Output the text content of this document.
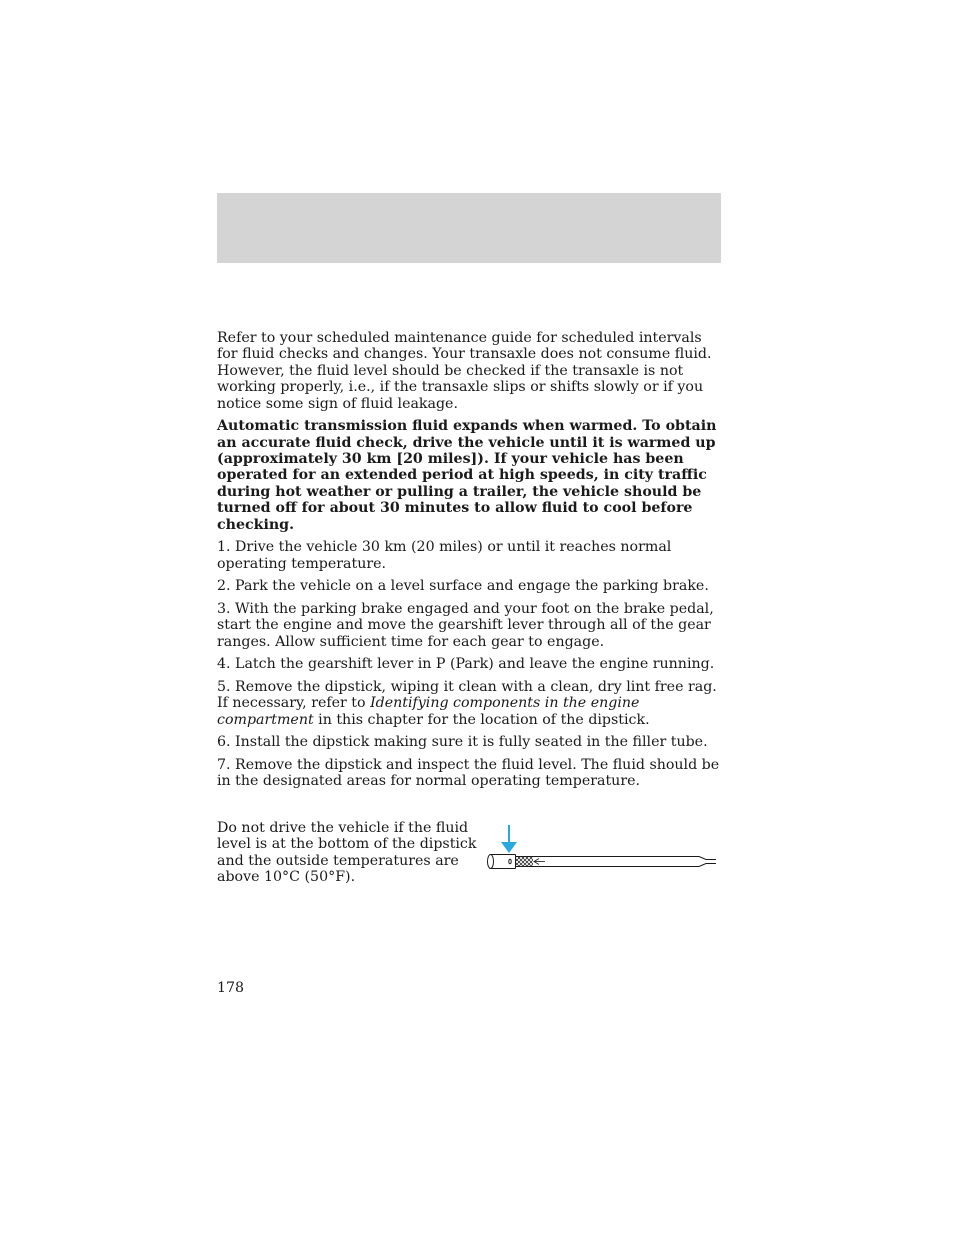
Refer to your scheduled maintenance guide for scheduled intervals for fluid checks and changes. Your transaxle does not consume fluid. However, the fluid level should be checked if the transaxle is not working properly, i.e., if the transaxle slips or shifts slowly or if you notice some sign of fluid leakage.

Automatic transmission fluid expands when warmed. To obtain an accurate fluid check, drive the vehicle until it is warmed up (approximately 30 km [20 miles]). If your vehicle has been operated for an extended period at high speeds, in city traffic during hot weather or pulling a trailer, the vehicle should be turned off for about 30 minutes to allow fluid to cool before checking.

1. Drive the vehicle 30 km (20 miles) or until it reaches normal operating temperature.

2. Park the vehicle on a level surface and engage the parking brake.

3. With the parking brake engaged and your foot on the brake pedal, start the engine and move the gearshift lever through all of the gear ranges. Allow sufficient time for each gear to engage.

4. Latch the gearshift lever in P (Park) and leave the engine running.

5. Remove the dipstick, wiping it clean with a clean, dry lint free rag. If necessary, refer to Identifying components in the engine compartment in this chapter for the location of the dipstick.

6. Install the dipstick making sure it is fully seated in the filler tube.

7. Remove the dipstick and inspect the fluid level. The fluid should be in the designated areas for normal operating temperature.

Do not drive the vehicle if the fluid level is at the bottom of the dipstick and the outside temperatures are above 10°C (50°F).

178
